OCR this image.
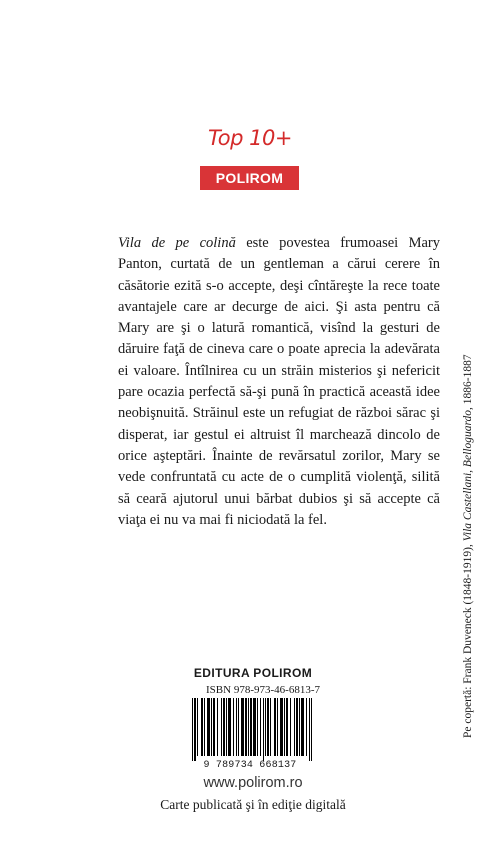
Top 10+
POLIROM
Vila de pe colină este povestea frumoasei Mary Panton, curtată de un gentleman a cărui cerere în căsătorie ezită s-o accepte, deşi cîntăreşte la rece toate avantajele care ar decurge de aici. Şi asta pentru că Mary are şi o latură romantică, visînd la gesturi de dăruire faţă de cineva care o poate aprecia la adevărata ei valoare. Întîlnirea cu un străin misterios şi nefericit pare ocazia perfectă să-şi pună în practică această idee neobişnuită. Străinul este un refugiat de război sărac şi disperat, iar gestul ei altruist îl marchează dincolo de orice aşteptări. Înainte de revărsatul zorilor, Mary se vede confruntată cu acte de o cumplită violenţă, silită să ceară ajutorul unui bărbat dubios şi să accepte că viaţa ei nu va mai fi niciodată la fel.
Pe copertă: Frank Duveneck (1848-1919), Vila Castellani, Belloguardo, 1886-1887
EDITURA POLIROM
ISBN 978-973-46-6813-7
9 789734 668137
www.polirom.ro
Carte publicată şi în ediţie digitală
